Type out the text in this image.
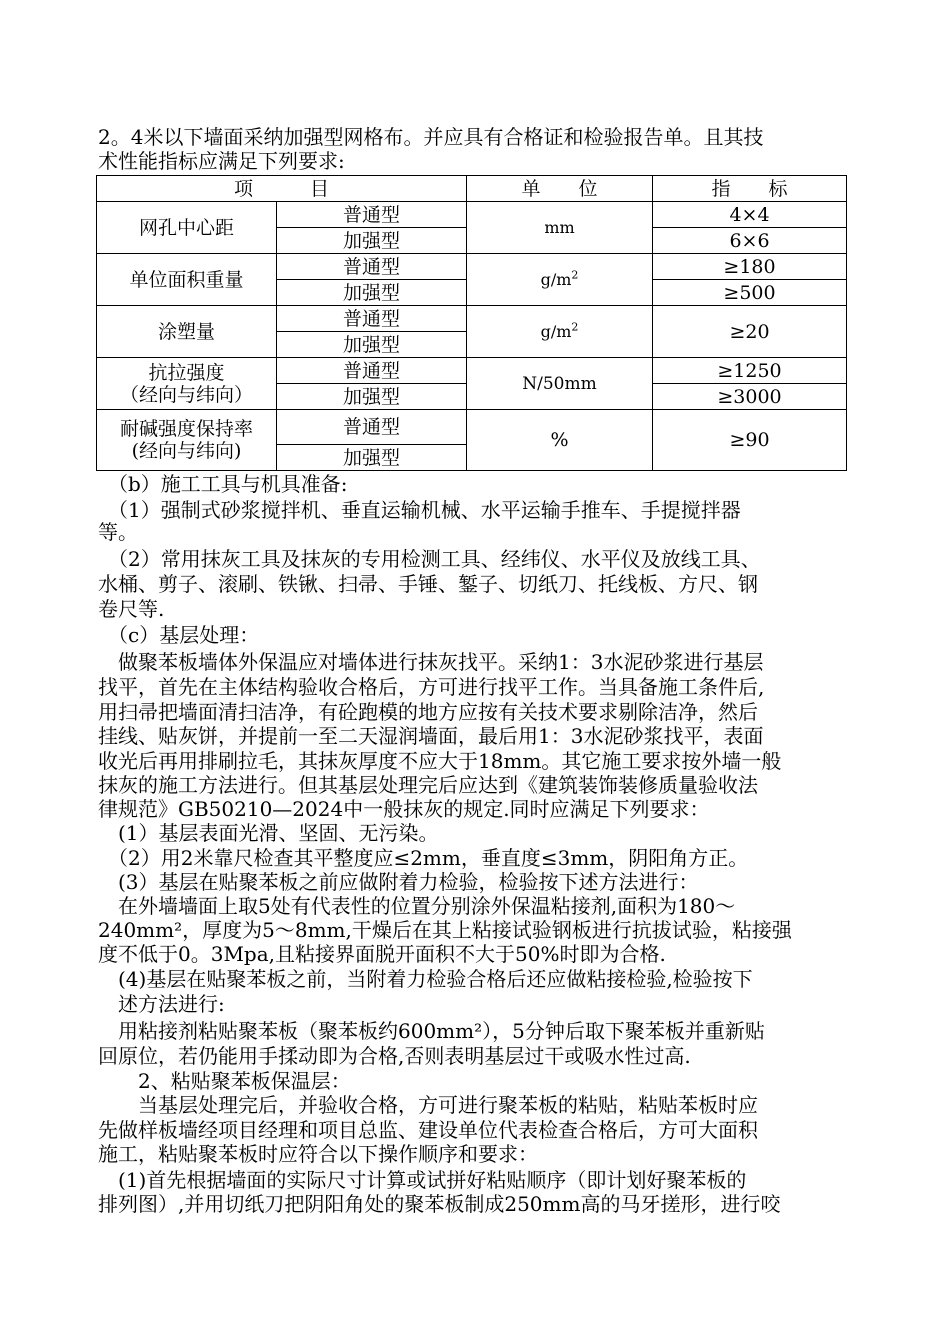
2。4米以下墙面采纳加强型网格布。并应具有合格证和检验报告单。且其技
术性能指标应满足下列要求:
项　　　目		单　　位	指　　标
网孔中心距	普通型	mm	4×4
	加强型		6×6
单位面积重量	普通型	$g/m^2$	≥180
	加强型		≥500
涂塑量	普通型	$g/m^2$	≥20
	加强型		

抗拉强度
（经向与纬向）	普通型	N/50mm	≥1250
	加强型		≥3000

耐碱强度保持率
(经向与纬向)	普通型	%	≥90
	加强型		
　（b）施工工具与机具准备:
　（1）强制式砂浆搅拌机、垂直运输机械、水平运输手推车、手提搅拌器
等。
　（2）常用抹灰工具及抹灰的专用检测工具、经纬仪、水平仪及放线工具、
水桶、剪子、滚刷、铁锹、扫帚、手锤、錾子、切纸刀、托线板、方尺、钢
卷尺等.
　（c）基层处理：
　做聚苯板墙体外保温应对墙体进行抹灰找平。采纳1：3水泥砂浆进行基层
找平，首先在主体结构验收合格后，方可进行找平工作。当具备施工条件后,
用扫帚把墙面清扫洁净，有砼跑模的地方应按有关技术要求剔除洁净，然后
挂线、贴灰饼，并提前一至二天湿润墙面，最后用1：3水泥砂浆找平，表面
收光后再用排刷拉毛，其抹灰厚度不应大于18mm。其它施工要求按外墙一般
抹灰的施工方法进行。但其基层处理完后应达到《建筑装饰装修质量验收法
律规范》GB50210—2024中一般抹灰的规定.同时应满足下列要求：
　(1）基层表面光滑、坚固、无污染。
　（2）用2米靠尺检查其平整度应≤2mm，垂直度≤3mm，阴阳角方正。
　(3）基层在贴聚苯板之前应做附着力检验，检验按下述方法进行：
　在外墙墙面上取5处有代表性的位置分别涂外保温粘接剂,面积为180～
240mm²，厚度为5～8mm,干燥后在其上粘接试验钢板进行抗拔试验，粘接强
度不低于0。3Mpa,且粘接界面脱开面积不大于50%时即为合格.
　(4)基层在贴聚苯板之前，当附着力检验合格后还应做粘接检验,检验按下
　述方法进行:
　用粘接剂粘贴聚苯板（聚苯板约600mm²），5分钟后取下聚苯板并重新贴
回原位，若仍能用手揉动即为合格,否则表明基层过干或吸水性过高.
　　2、粘贴聚苯板保温层：
　　当基层处理完后，并验收合格，方可进行聚苯板的粘贴，粘贴苯板时应
先做样板墙经项目经理和项目总监、建设单位代表检查合格后，方可大面积
施工，粘贴聚苯板时应符合以下操作顺序和要求：
　(1)首先根据墙面的实际尺寸计算或试拼好粘贴顺序（即计划好聚苯板的
排列图）,并用切纸刀把阴阳角处的聚苯板制成250mm高的马牙搓形，进行咬
